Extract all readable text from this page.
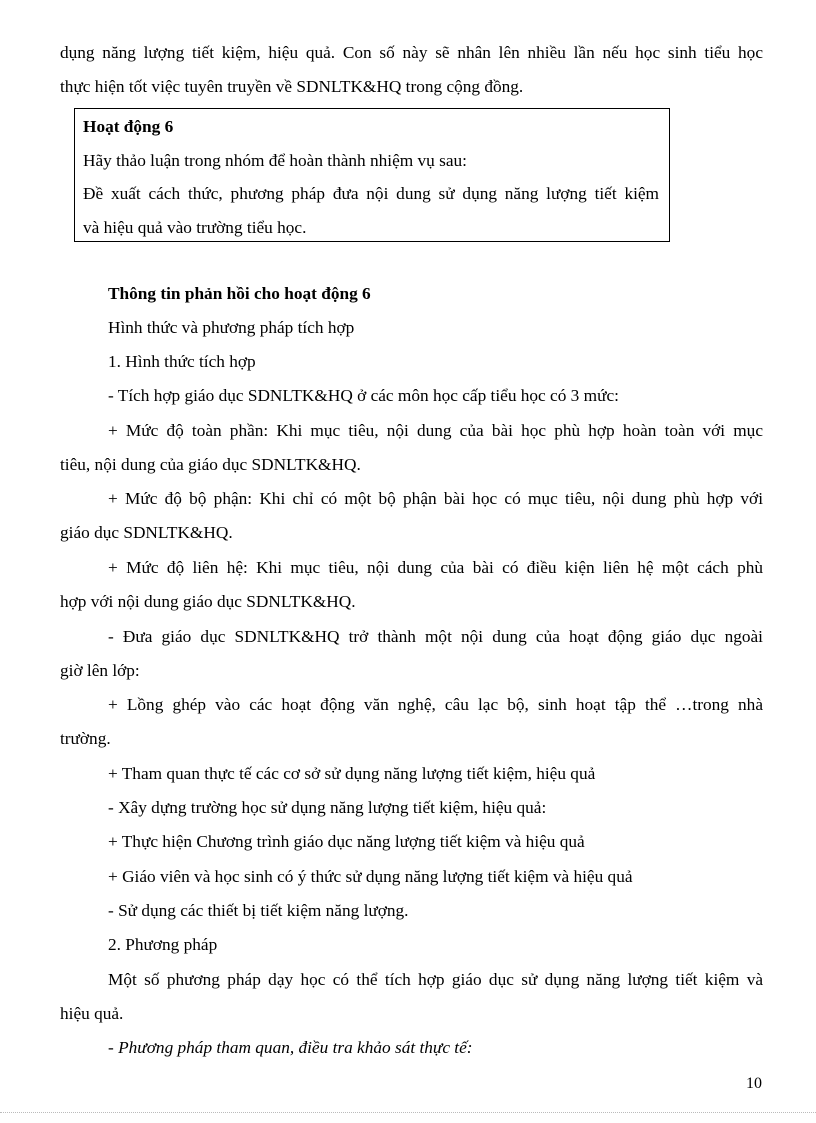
dụng năng lượng tiết kiệm, hiệu quả. Con số này sẽ nhân lên nhiều lần nếu học sinh tiểu học
thực hiện tốt việc tuyên truyền về SDNLTK&HQ trong cộng đồng.
Hoạt động 6
Hãy thảo luận trong nhóm để hoàn thành nhiệm vụ sau:
Đề xuất cách thức, phương pháp đưa nội dung sử dụng năng lượng tiết kiệm
và hiệu quả vào trường tiểu học.
Thông tin phản hồi cho hoạt động 6
Hình thức và phương pháp tích hợp
1. Hình thức tích hợp
- Tích hợp giáo dục SDNLTK&HQ ở các môn học cấp tiểu học có 3 mức:
+ Mức độ toàn phần: Khi mục tiêu, nội dung của bài học phù hợp hoàn toàn với mục
tiêu, nội dung của giáo dục SDNLTK&HQ.
+ Mức độ bộ phận: Khi chỉ có một bộ phận bài học có mục tiêu, nội dung phù hợp với
giáo dục SDNLTK&HQ.
+ Mức độ liên hệ: Khi mục tiêu, nội dung của bài có điều kiện liên hệ một cách phù
hợp với nội dung giáo dục SDNLTK&HQ.
- Đưa giáo dục SDNLTK&HQ trở thành một nội dung của hoạt động giáo dục ngoài
giờ lên lớp:
+ Lồng ghép vào các hoạt động văn nghệ, câu lạc bộ, sinh hoạt tập thể …trong nhà
trường.
+ Tham quan thực tế các cơ sở sử dụng năng lượng tiết kiệm, hiệu quả
- Xây dựng trường học sử dụng năng lượng tiết kiệm, hiệu quả:
+ Thực hiện Chương trình giáo dục năng lượng tiết kiệm và hiệu quả
+ Giáo viên và học sinh có ý thức sử dụng năng lượng tiết kiệm và hiệu quả
- Sử dụng các thiết bị tiết kiệm năng lượng.
2. Phương pháp
Một số phương pháp dạy học có thể tích hợp giáo dục sử dụng năng lượng tiết kiệm và
hiệu quả.
- Phương pháp tham quan, điều tra khảo sát thực tế:
10
